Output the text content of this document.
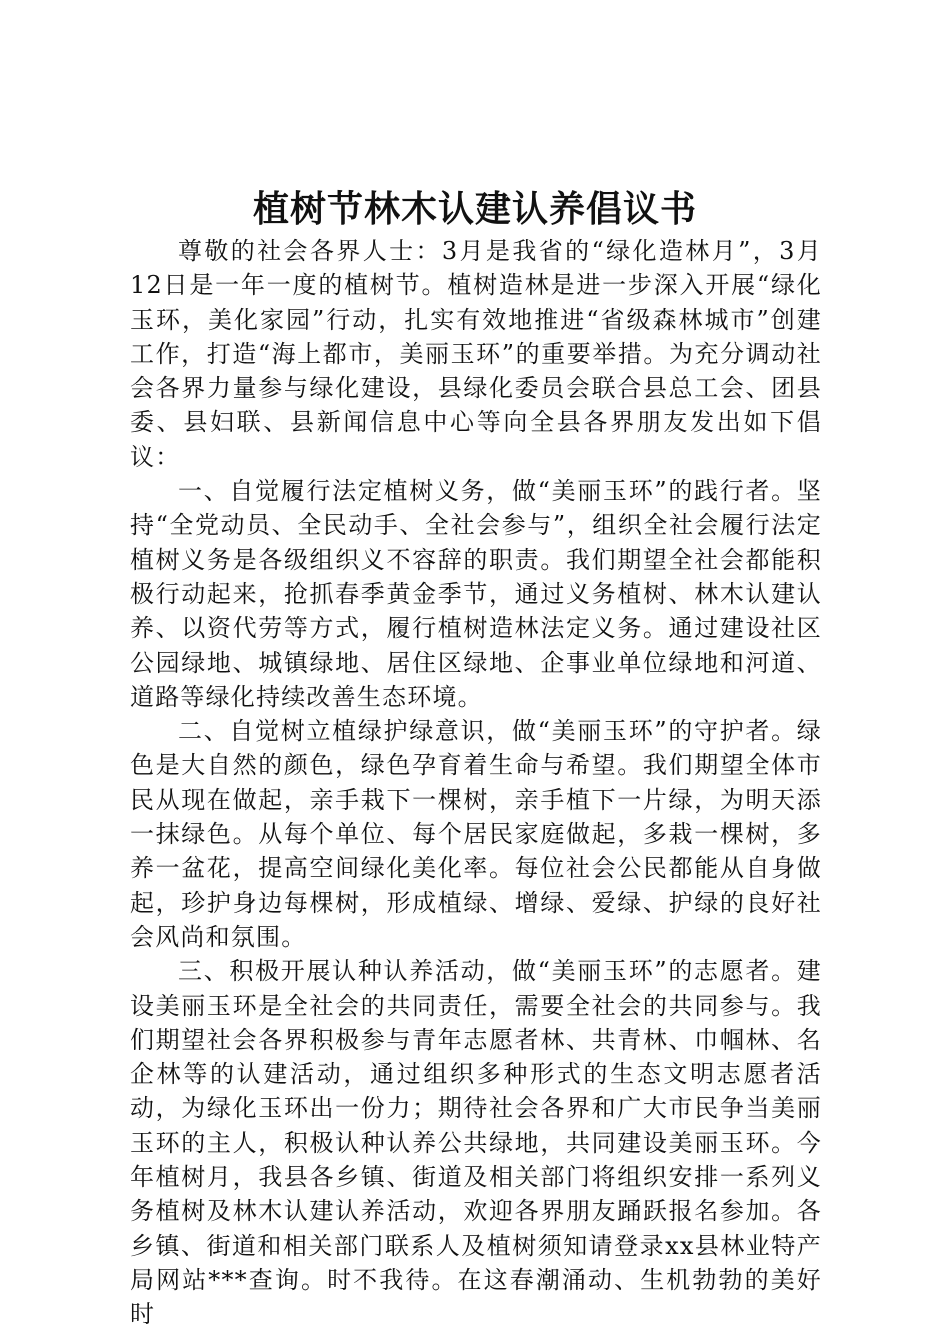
植树节林木认建认养倡议书

尊敬的社会各界人士：3月是我省的“绿化造林月”，3月12日是一年一度的植树节。植树造林是进一步深入开展“绿化玉环，美化家园”行动，扎实有效地推进“省级森林城市”创建工作，打造“海上都市，美丽玉环”的重要举措。为充分调动社会各界力量参与绿化建设，县绿化委员会联合县总工会、团县委、县妇联、县新闻信息中心等向全县各界朋友发出如下倡议：

一、自觉履行法定植树义务，做“美丽玉环”的践行者。坚持“全党动员、全民动手、全社会参与”，组织全社会履行法定植树义务是各级组织义不容辞的职责。我们期望全社会都能积极行动起来，抢抓春季黄金季节，通过义务植树、林木认建认养、以资代劳等方式，履行植树造林法定义务。通过建设社区公园绿地、城镇绿地、居住区绿地、企事业单位绿地和河道、道路等绿化持续改善生态环境。

二、自觉树立植绿护绿意识，做“美丽玉环”的守护者。绿色是大自然的颜色，绿色孕育着生命与希望。我们期望全体市民从现在做起，亲手栽下一棵树，亲手植下一片绿，为明天添一抹绿色。从每个单位、每个居民家庭做起，多栽一棵树，多养一盆花，提高空间绿化美化率。每位社会公民都能从自身做起，珍护身边每棵树，形成植绿、增绿、爱绿、护绿的良好社会风尚和氛围。

三、积极开展认种认养活动，做“美丽玉环”的志愿者。建设美丽玉环是全社会的共同责任，需要全社会的共同参与。我们期望社会各界积极参与青年志愿者林、共青林、巾帼林、名企林等的认建活动，通过组织多种形式的生态文明志愿者活动，为绿化玉环出一份力；期待社会各界和广大市民争当美丽玉环的主人，积极认种认养公共绿地，共同建设美丽玉环。今年植树月，我县各乡镇、街道及相关部门将组织安排一系列义务植树及林木认建认养活动，欢迎各界朋友踊跃报名参加。各乡镇、街道和相关部门联系人及植树须知请登录xx县林业特产局网站***查询。时不我待。在这春潮涌动、生机勃勃的美好时
